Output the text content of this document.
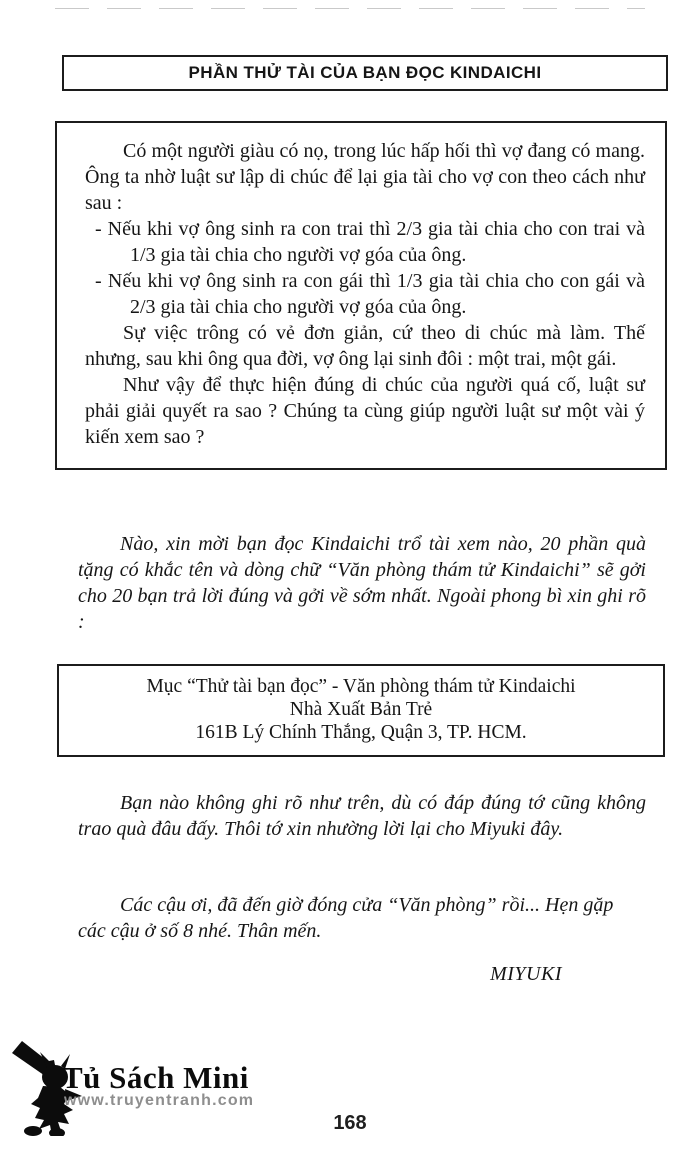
PHẦN THỬ TÀI CỦA BẠN ĐỌC KINDAICHI

Có một người giàu có nọ, trong lúc hấp hối thì vợ đang có mang. Ông ta nhờ luật sư lập di chúc để lại gia tài cho vợ con theo cách như sau :

- Nếu khi vợ ông sinh ra con trai thì 2/3 gia tài chia cho con trai và 1/3 gia tài chia cho người vợ góa của ông.

- Nếu khi vợ ông sinh ra con gái thì 1/3 gia tài chia cho con gái và 2/3 gia tài chia cho người vợ góa của ông.

Sự việc trông có vẻ đơn giản, cứ theo di chúc mà làm. Thế nhưng, sau khi ông qua đời, vợ ông lại sinh đôi : một trai, một gái.

Như vậy để thực hiện đúng di chúc của người quá cố, luật sư phải giải quyết ra sao ? Chúng ta cùng giúp người luật sư một vài ý kiến xem sao ?

Nào, xin mời bạn đọc Kindaichi trổ tài xem nào, 20 phần quà tặng có khắc tên và dòng chữ “Văn phòng thám tử Kindaichi” sẽ gởi cho 20 bạn trả lời đúng và gởi về sớm nhất. Ngoài phong bì xin ghi rõ :

Mục “Thử tài bạn đọc” - Văn phòng thám tử Kindaichi
Nhà Xuất Bản Trẻ
161B Lý Chính Thắng, Quận 3, TP. HCM.

Bạn nào không ghi rõ như trên, dù có đáp đúng tớ cũng không trao quà đâu đấy. Thôi tớ xin nhường lời lại cho Miyuki đây.

Các cậu ơi, đã đến giờ đóng cửa “Văn phòng” rồi... Hẹn gặp các cậu ở số 8 nhé. Thân mến.

MIYUKI
Tủ Sách Mini
www.truyentranh.com
168
